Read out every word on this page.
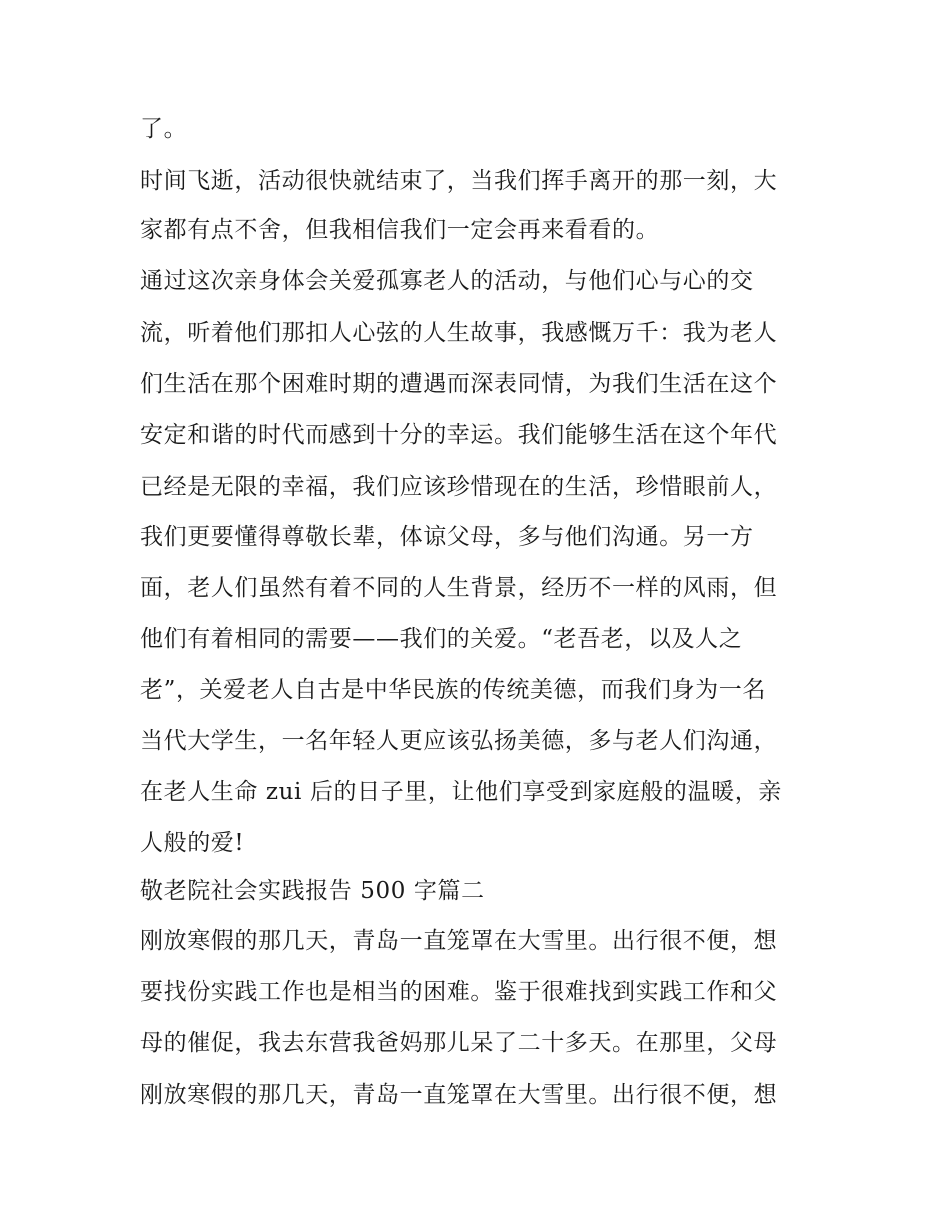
了。
时间飞逝，活动很快就结束了，当我们挥手离开的那一刻，大
家都有点不舍，但我相信我们一定会再来看看的。
通过这次亲身体会关爱孤寡老人的活动，与他们心与心的交
流，听着他们那扣人心弦的人生故事，我感慨万千：我为老人
们生活在那个困难时期的遭遇而深表同情，为我们生活在这个
安定和谐的时代而感到十分的幸运。我们能够生活在这个年代
已经是无限的幸福，我们应该珍惜现在的生活，珍惜眼前人，
我们更要懂得尊敬长辈，体谅父母，多与他们沟通。另一方
面，老人们虽然有着不同的人生背景，经历不一样的风雨，但
他们有着相同的需要——我们的关爱。“老吾老，以及人之
老”，关爱老人自古是中华民族的传统美德，而我们身为一名
当代大学生，一名年轻人更应该弘扬美德，多与老人们沟通，
在老人生命 zui 后的日子里，让他们享受到家庭般的温暖，亲
人般的爱!
敬老院社会实践报告 500 字篇二
刚放寒假的那几天，青岛一直笼罩在大雪里。出行很不便，想
要找份实践工作也是相当的困难。鉴于很难找到实践工作和父
母的催促，我去东营我爸妈那儿呆了二十多天。在那里，父母
刚放寒假的那几天，青岛一直笼罩在大雪里。出行很不便，想
